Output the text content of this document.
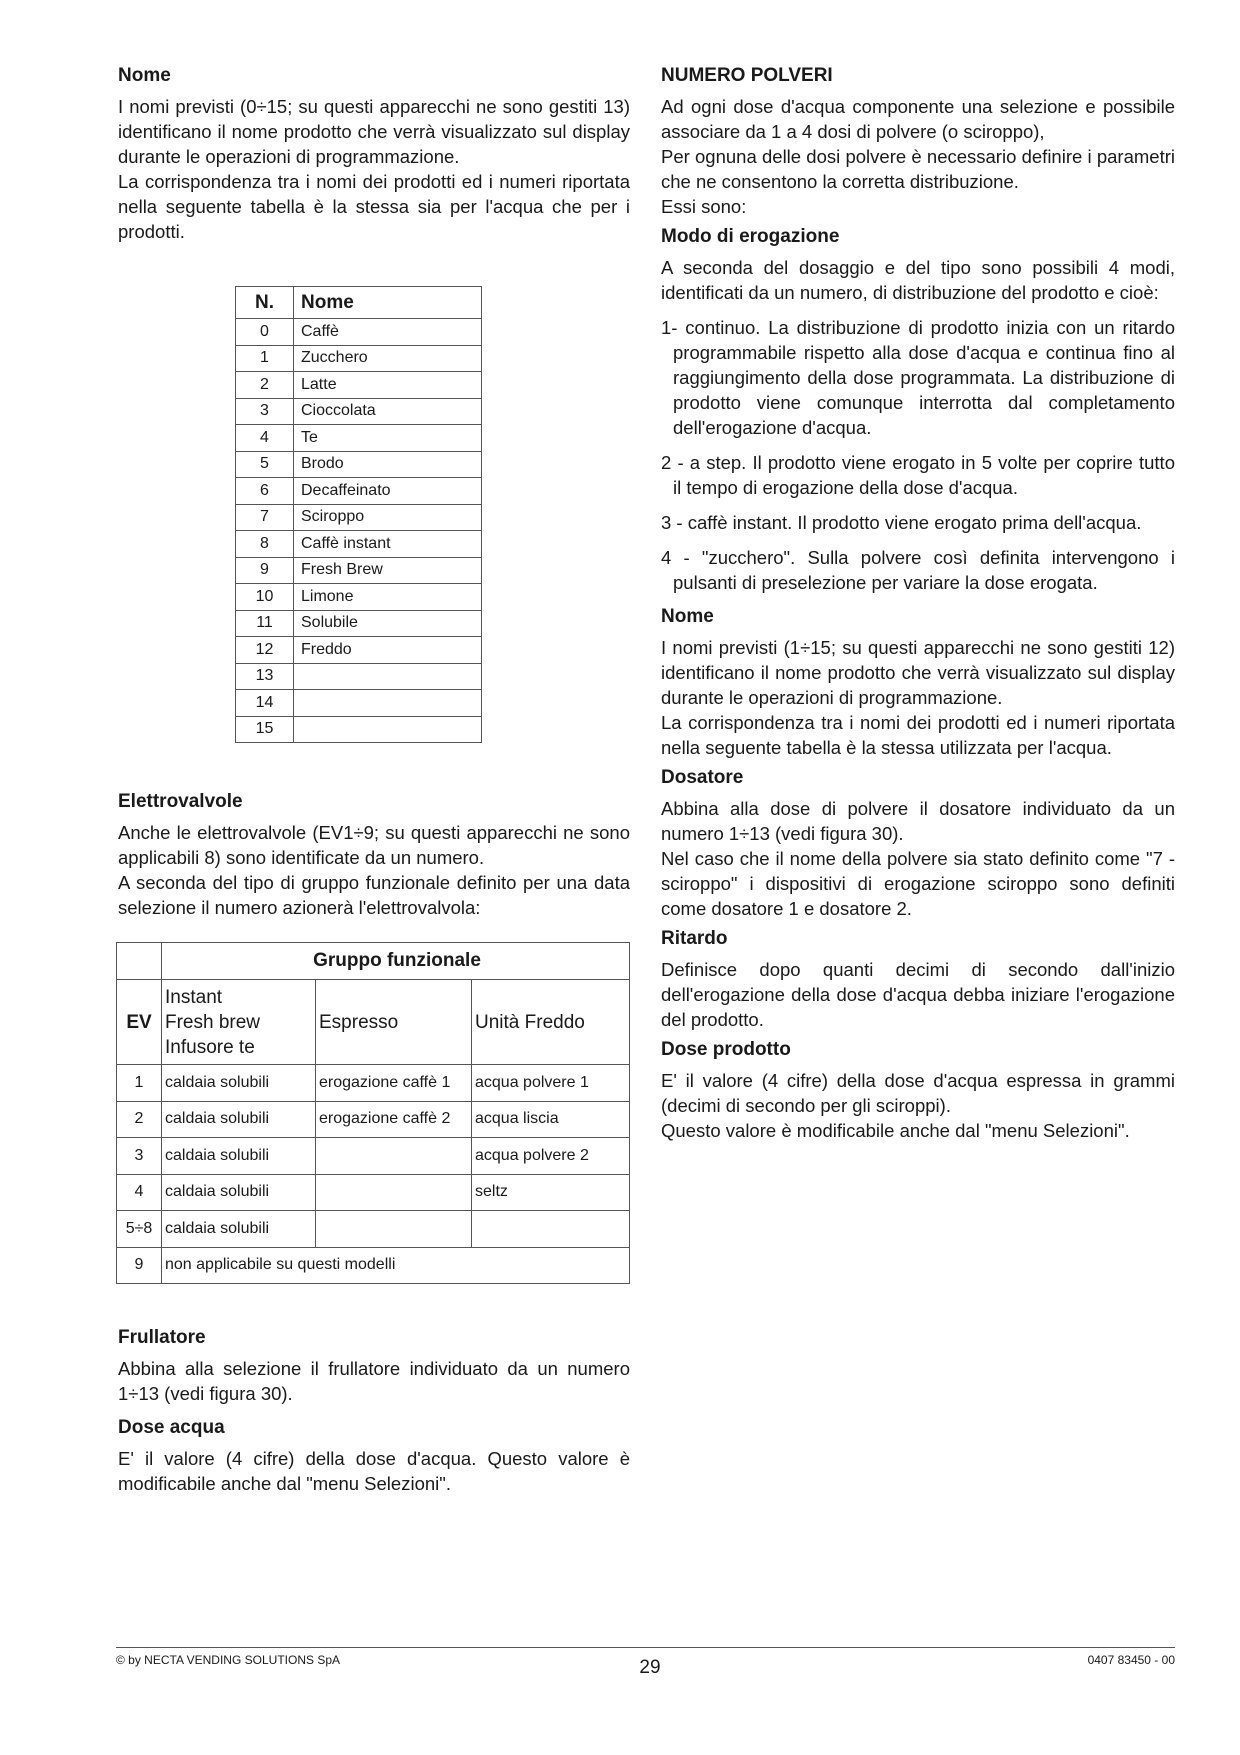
Nome

I nomi previsti (0÷15; su questi apparecchi ne sono gestiti 13) identificano il nome prodotto che verrà visualizzato sul display durante le operazioni di programmazione.

La corrispondenza tra i nomi dei prodotti ed i numeri riportata nella seguente tabella è la stessa sia per l'acqua che per i prodotti.

N.	Nome
0	Caffè
1	Zucchero
2	Latte
3	Cioccolata
4	Te
5	Brodo
6	Decaffeinato
7	Sciroppo
8	Caffè instant
9	Fresh Brew
10	Limone
11	Solubile
12	Freddo
13	
14	
15	
Elettrovalvole

Anche le elettrovalvole (EV1÷9; su questi apparecchi ne sono applicabili 8) sono identificate da un numero.

A seconda del tipo di gruppo funzionale definito per una data selezione il numero azionerà l'elettrovalvola:

	Gruppo funzionale		
EV	Instant
Fresh brew
Infusore te	Espresso	Unità Freddo
1	caldaia solubili	erogazione caffè 1	acqua polvere 1
2	caldaia solubili	erogazione caffè 2	acqua liscia
3	caldaia solubili		acqua polvere 2
4	caldaia solubili		seltz
5÷8	caldaia solubili		
9	non applicabile su questi modelli		
Frullatore

Abbina alla selezione il frullatore individuato da un numero 1÷13 (vedi figura 30).

Dose acqua

E' il valore (4 cifre) della dose d'acqua. Questo valore è modificabile anche dal "menu Selezioni".

NUMERO POLVERI

Ad ogni dose d'acqua componente una selezione e possibile associare da 1 a 4 dosi di polvere (o sciroppo),

Per ognuna delle dosi polvere è necessario definire i parametri che ne consentono la corretta distribuzione.

Essi sono:

Modo di erogazione

A seconda del dosaggio e del tipo sono possibili 4 modi, identificati da un numero, di distribuzione del prodotto e cioè:

1- continuo. La distribuzione di prodotto inizia con un ritardo programmabile rispetto alla dose d'acqua e continua fino al raggiungimento della dose programmata. La distribuzione di prodotto viene comunque interrotta dal completamento dell'erogazione d'acqua.

2 - a step. Il prodotto viene erogato in 5 volte per coprire tutto il tempo di erogazione della dose d'acqua.

3 - caffè instant. Il prodotto viene erogato prima dell'acqua.

4 - "zucchero". Sulla polvere così definita intervengono i pulsanti di preselezione per variare la dose erogata.

Nome

I nomi previsti (1÷15; su questi apparecchi ne sono gestiti 12) identificano il nome prodotto che verrà visualizzato sul display durante le operazioni di programmazione.

La corrispondenza tra i nomi dei prodotti ed i numeri riportata nella seguente tabella è la stessa utilizzata per l'acqua.

Dosatore

Abbina alla dose di polvere il dosatore individuato da un numero 1÷13 (vedi figura 30).

Nel caso che il nome della polvere sia stato definito come "7 - sciroppo" i dispositivi di erogazione sciroppo sono definiti come dosatore 1 e dosatore 2.

Ritardo

Definisce dopo quanti decimi di secondo dall'inizio dell'erogazione della dose d'acqua debba iniziare l'erogazione del prodotto.

Dose prodotto

E' il valore (4 cifre) della dose d'acqua espressa in grammi (decimi di secondo per gli sciroppi).

Questo valore è modificabile anche dal "menu Selezioni".

© by NECTA VENDING SOLUTIONS SpA	29	0407 83450 - 00
